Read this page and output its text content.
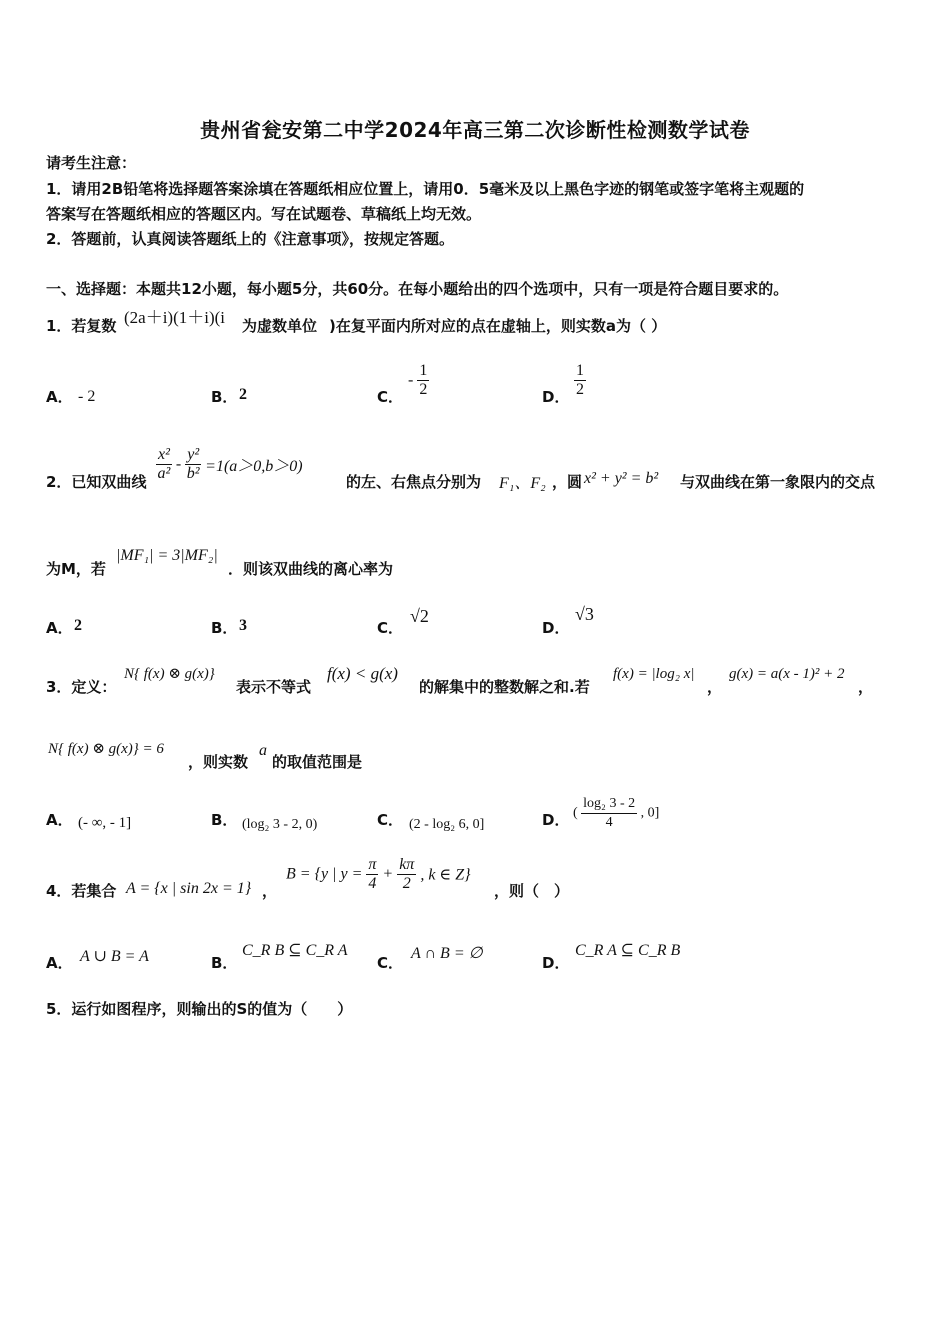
贵州省瓮安第二中学2024年高三第二次诊断性检测数学试卷
请考生注意：
1．请用2B铅笔将选择题答案涂填在答题纸相应位置上，请用0．5毫米及以上黑色字迹的钢笔或签字笔将主观题的
答案写在答题纸相应的答题区内。写在试题卷、草稿纸上均无效。
2．答题前，认真阅读答题纸上的《注意事项》，按规定答题。
一、选择题：本题共12小题，每小题5分，共60分。在每小题给出的四个选项中，只有一项是符合题目要求的。
1．若复数 (2a＋i)(1＋i)(i 为虚数单位 )在复平面内所对应的点在虚轴上，则实数a为（ ）
A． - 2	B． 2	C．
- $\frac{1}{2}$	D． $\frac{1}{2}$
2．已知双曲线 $\frac{\text{x²}}{\text{a²}} - \frac{\text{y²}}{\text{b²}} =1(a>0,b>0)$
的左、右焦点分别为 F₁、F₂ ，圆 x² + y² = b² 与双曲线在第一象限内的交点
为M，若
|MF₁| = 3|MF₂|
．则该双曲线的离心率为
A． 2	B． 3	C．
√2
D．
√3
3．定义：
N{ f(x) ⊗ g(x)}
表示不等式
f(x) < g(x)
的解集中的整数解之和.若
f(x) = |log₂ x|
，
g(x) = a(x - 1)² + 2
，
N{ f(x) ⊗ g(x)} = 6
，则实数
a
的取值范围是
A． (- ∞, - 1]	B． (log₂ 3 - 2, 0)	C． (2 - log₂ 6, 0]	D． ( $\frac{\text{log₂ 3 - 2}}{4}$ , 0]
4．若集合 A = {x | sin 2x = 1} ，
B = {y | $y = \frac{\pi}{4} + \frac{k\pi}{2}$ , k ∈ Z}
，则（　）
A． A ∪ B = A	B．
C_R B ⊆ C_R A
C．
A ∩ B = ∅
D．
C_R A ⊆ C_R B
5．运行如图程序，则输出的S的值为（　　）
